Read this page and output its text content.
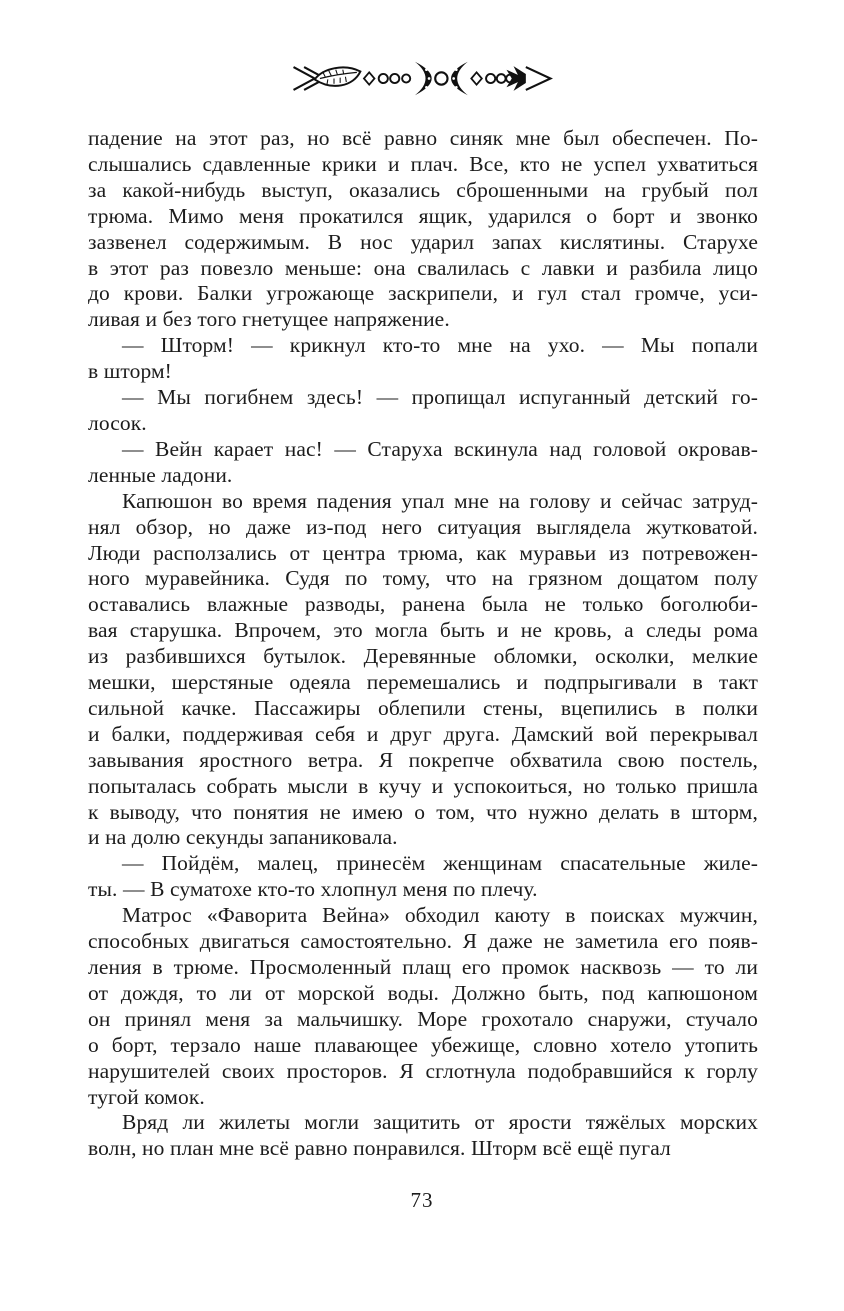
падение на этот раз, но всё равно синяк мне был обеспечен. По-
слышались сдавленные крики и плач. Все, кто не успел ухватиться
за какой-нибудь выступ, оказались сброшенными на грубый пол
трюма. Мимо меня прокатился ящик, ударился о борт и звонко
зазвенел содержимым. В нос ударил запах кислятины. Старухе
в этот раз повезло меньше: она свалилась с лавки и разбила лицо
до крови. Балки угрожающе заскрипели, и гул стал громче, уси-
ливая и без того гнетущее напряжение.
— Шторм! — крикнул кто-то мне на ухо. — Мы попали
в шторм!
— Мы погибнем здесь! — пропищал испуганный детский го-
лосок.
— Вейн карает нас! — Старуха вскинула над головой окровав-
ленные ладони.
Капюшон во время падения упал мне на голову и сейчас затруд-
нял обзор, но даже из-под него ситуация выглядела жутковатой.
Люди расползались от центра трюма, как муравьи из потревожен-
ного муравейника. Судя по тому, что на грязном дощатом полу
оставались влажные разводы, ранена была не только боголюби-
вая старушка. Впрочем, это могла быть и не кровь, а следы рома
из разбившихся бутылок. Деревянные обломки, осколки, мелкие
мешки, шерстяные одеяла перемешались и подпрыгивали в такт
сильной качке. Пассажиры облепили стены, вцепились в полки
и балки, поддерживая себя и друг друга. Дамский вой перекрывал
завывания яростного ветра. Я покрепче обхватила свою постель,
попыталась собрать мысли в кучу и успокоиться, но только пришла
к выводу, что понятия не имею о том, что нужно делать в шторм,
и на долю секунды запаниковала.
— Пойдём, малец, принесём женщинам спасательные жиле-
ты. — В суматохе кто-то хлопнул меня по плечу.
Матрос «Фаворита Вейна» обходил каюту в поисках мужчин,
способных двигаться самостоятельно. Я даже не заметила его появ-
ления в трюме. Просмоленный плащ его промок насквозь — то ли
от дождя, то ли от морской воды. Должно быть, под капюшоном
он принял меня за мальчишку. Море грохотало снаружи, стучало
о борт, терзало наше плавающее убежище, словно хотело утопить
нарушителей своих просторов. Я сглотнула подобравшийся к горлу
тугой комок.
Вряд ли жилеты могли защитить от ярости тяжёлых морских
волн, но план мне всё равно понравился. Шторм всё ещё пугал
73
